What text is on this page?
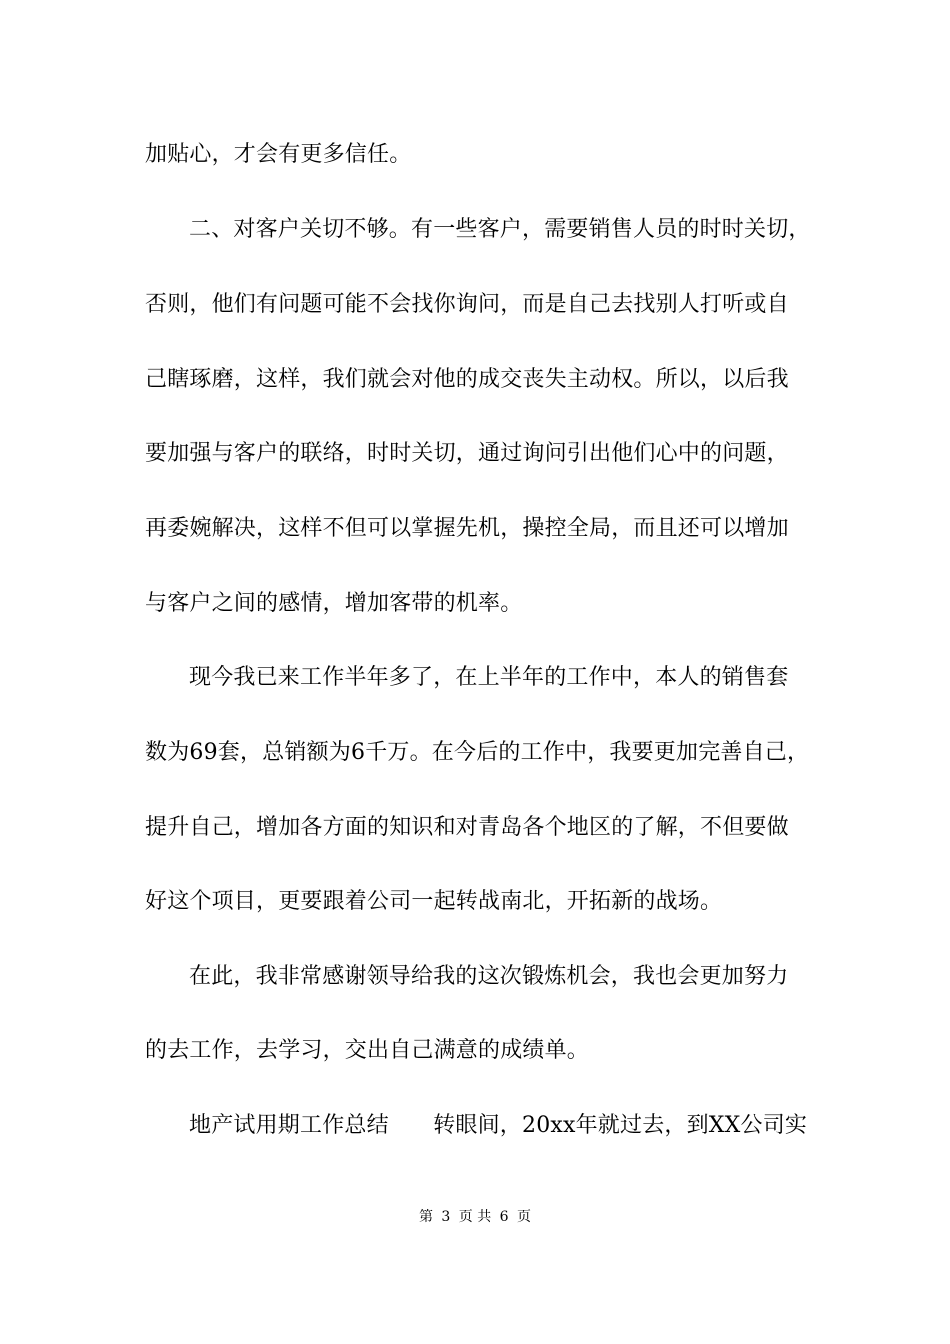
加贴心，才会有更多信任。
二、对客户关切不够。有一些客户，需要销售人员的时时关切，
否则，他们有问题可能不会找你询问，而是自己去找别人打听或自
己瞎琢磨，这样，我们就会对他的成交丧失主动权。所以，以后我
要加强与客户的联络，时时关切，通过询问引出他们心中的问题，
再委婉解决，这样不但可以掌握先机，操控全局，而且还可以增加
与客户之间的感情，增加客带的机率。
现今我已来工作半年多了，在上半年的工作中，本人的销售套
数为69套，总销额为6千万。在今后的工作中，我要更加完善自己，
提升自己，增加各方面的知识和对青岛各个地区的了解，不但要做
好这个项目，更要跟着公司一起转战南北，开拓新的战场。
在此，我非常感谢领导给我的这次锻炼机会，我也会更加努力
的去工作，去学习，交出自己满意的成绩单。
地产试用期工作总结　　转眼间，20xx年就过去，到XX公司实
第 3 页 共 6 页
